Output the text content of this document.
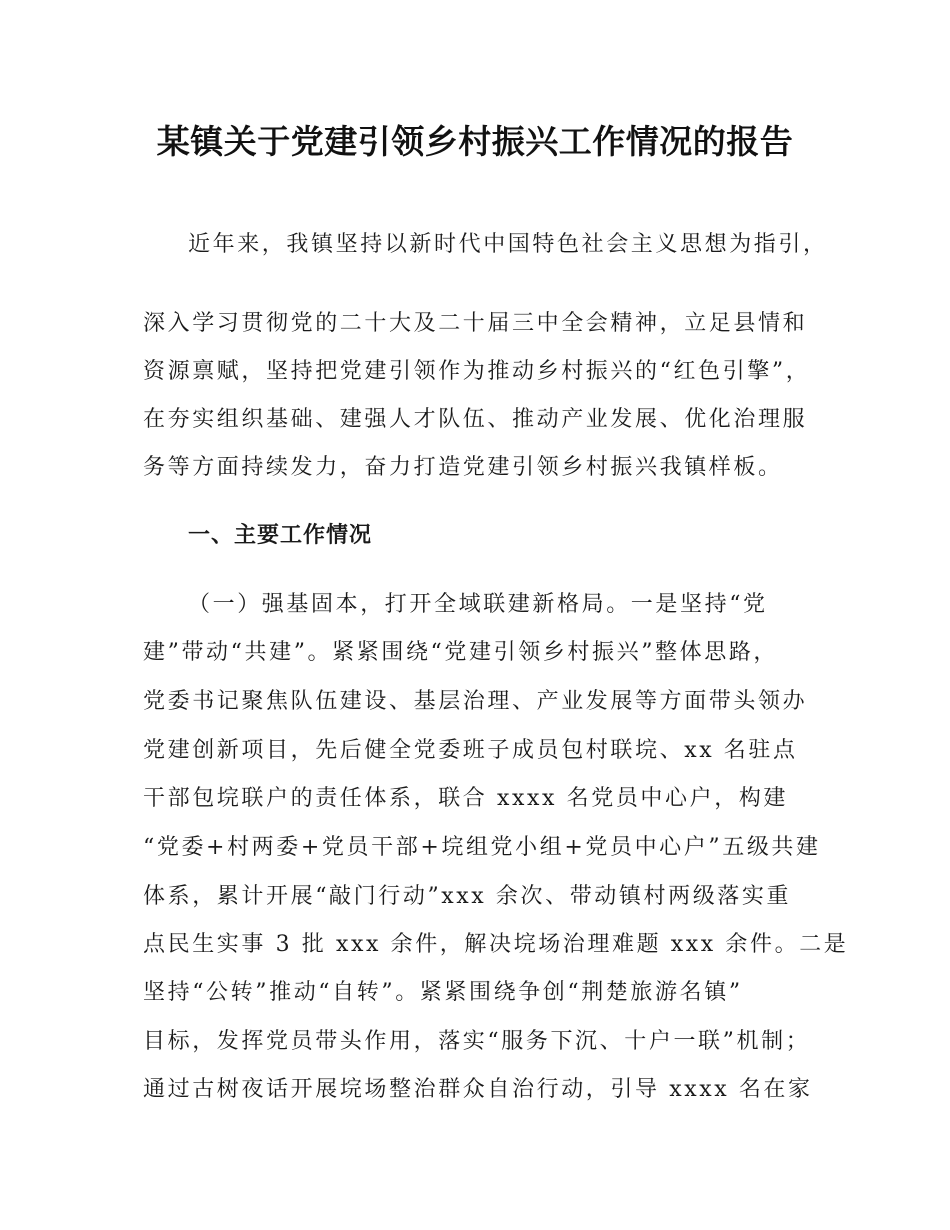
某镇关于党建引领乡村振兴工作情况的报告
近年来，我镇坚持以新时代中国特色社会主义思想为指引，
深入学习贯彻党的二十大及二十届三中全会精神，立足县情和
资源禀赋，坚持把党建引领作为推动乡村振兴的“红色引擎”，
在夯实组织基础、建强人才队伍、推动产业发展、优化治理服
务等方面持续发力，奋力打造党建引领乡村振兴我镇样板。
一、主要工作情况
（一）强基固本，打开全域联建新格局。一是坚持“党
建”带动“共建”。紧紧围绕“党建引领乡村振兴”整体思路，
党委书记聚焦队伍建设、基层治理、产业发展等方面带头领办
党建创新项目，先后健全党委班子成员包村联垸、xx 名驻点
干部包垸联户的责任体系，联合 xxxx 名党员中心户，构建
“党委+村两委+党员干部+垸组党小组+党员中心户”五级共建
体系，累计开展“敲门行动”xxx 余次、带动镇村两级落实重
点民生实事 3 批 xxx 余件，解决垸场治理难题 xxx 余件。二是
坚持“公转”推动“自转”。紧紧围绕争创“荆楚旅游名镇”
目标，发挥党员带头作用，落实“服务下沉、十户一联”机制；
通过古树夜话开展垸场整治群众自治行动，引导 xxxx 名在家
